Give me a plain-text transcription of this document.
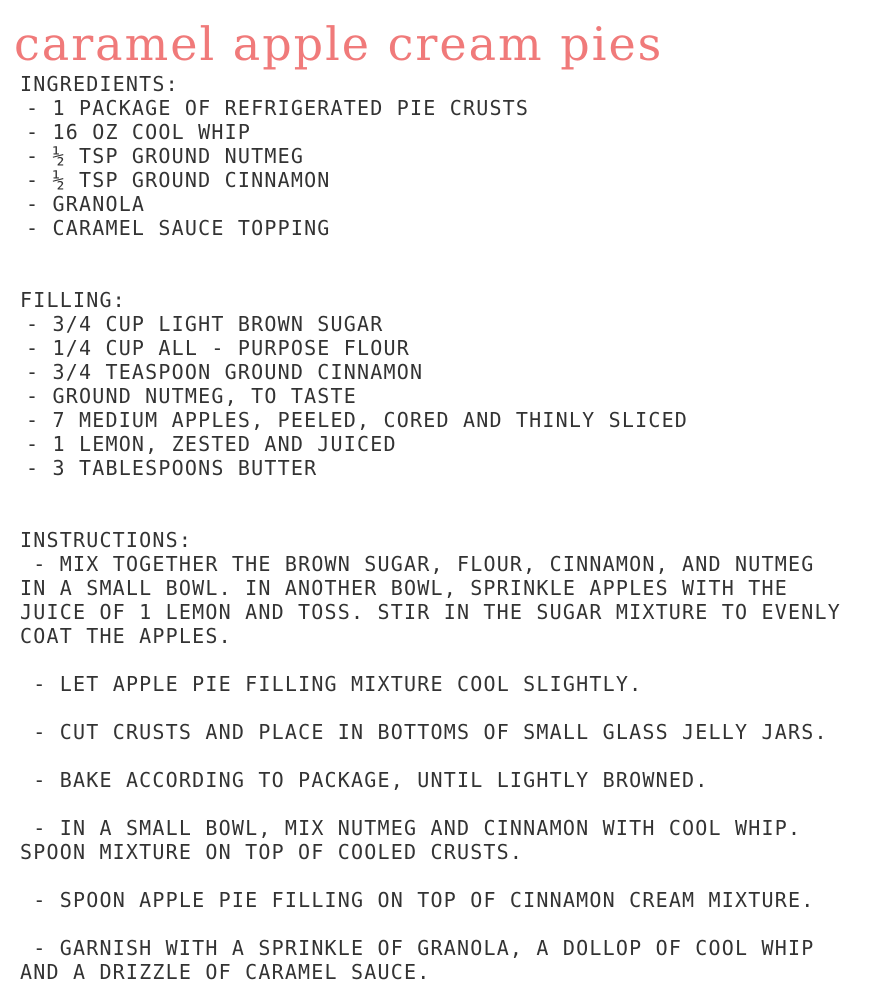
caramel apple cream pies
INGREDIENTS:
- 1 PACKAGE OF REFRIGERATED PIE CRUSTS
- 16 OZ COOL WHIP
- ½ TSP GROUND NUTMEG
- ½ TSP GROUND CINNAMON
- GRANOLA
- CARAMEL SAUCE TOPPING
FILLING:
- 3/4 CUP LIGHT BROWN SUGAR
- 1/4 CUP ALL - PURPOSE FLOUR
- 3/4 TEASPOON GROUND CINNAMON
- GROUND NUTMEG, TO TASTE
- 7 MEDIUM APPLES, PEELED, CORED AND THINLY SLICED
- 1 LEMON, ZESTED AND JUICED
- 3 TABLESPOONS BUTTER
INSTRUCTIONS:

- MIX TOGETHER THE BROWN SUGAR, FLOUR, CINNAMON, AND NUTMEG IN A SMALL BOWL. IN ANOTHER BOWL, SPRINKLE APPLES WITH THE JUICE OF 1 LEMON AND TOSS. STIR IN THE SUGAR MIXTURE TO EVENLY COAT THE APPLES.

- LET APPLE PIE FILLING MIXTURE COOL SLIGHTLY.

- CUT CRUSTS AND PLACE IN BOTTOMS OF SMALL GLASS JELLY JARS.

- BAKE ACCORDING TO PACKAGE, UNTIL LIGHTLY BROWNED.

- IN A SMALL BOWL, MIX NUTMEG AND CINNAMON WITH COOL WHIP. SPOON MIXTURE ON TOP OF COOLED CRUSTS.

- SPOON APPLE PIE FILLING ON TOP OF CINNAMON CREAM MIXTURE.

- GARNISH WITH A SPRINKLE OF GRANOLA, A DOLLOP OF COOL WHIP AND A DRIZZLE OF CARAMEL SAUCE.
